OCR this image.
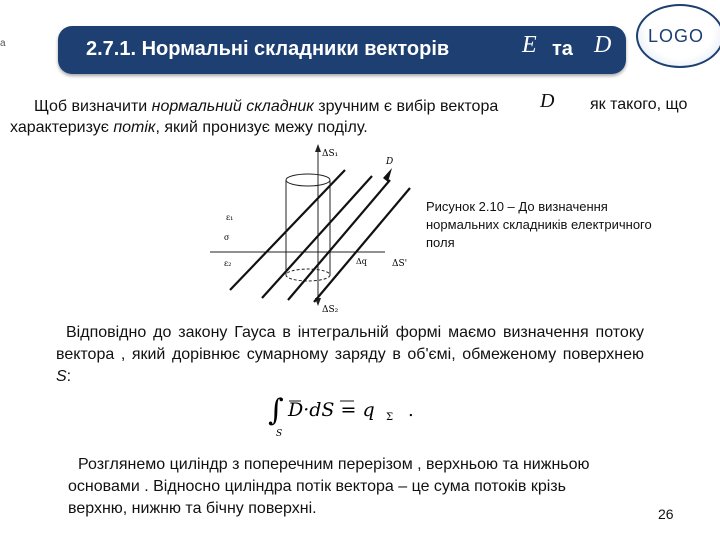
a	2.7.1. Нормальні складники векторів	E та D LOGO
Щоб визначити нормальний складник зручним є вибір вектора
характеризує потік, який пронизує межу поділу.
D як такого, що
ΔS₁
D
ε₁
σ
ε₂	Δq	ΔS'
ΔS₂
Рисунок 2.10 – До визначення нормальних складників електричного поля
Відповідно до закону Гауса в інтегральній формі маємо визначення потоку вектора , який дорівнює сумарному заряду в об'ємі, обмеженому поверхнею S:
∫
S
D·dS = q Σ .
Розглянемо циліндр з поперечним перерізом , верхньою та нижньою основами . Відносно циліндра потік вектора – це сума потоків крізь верхню, нижню та бічну поверхні.	26
